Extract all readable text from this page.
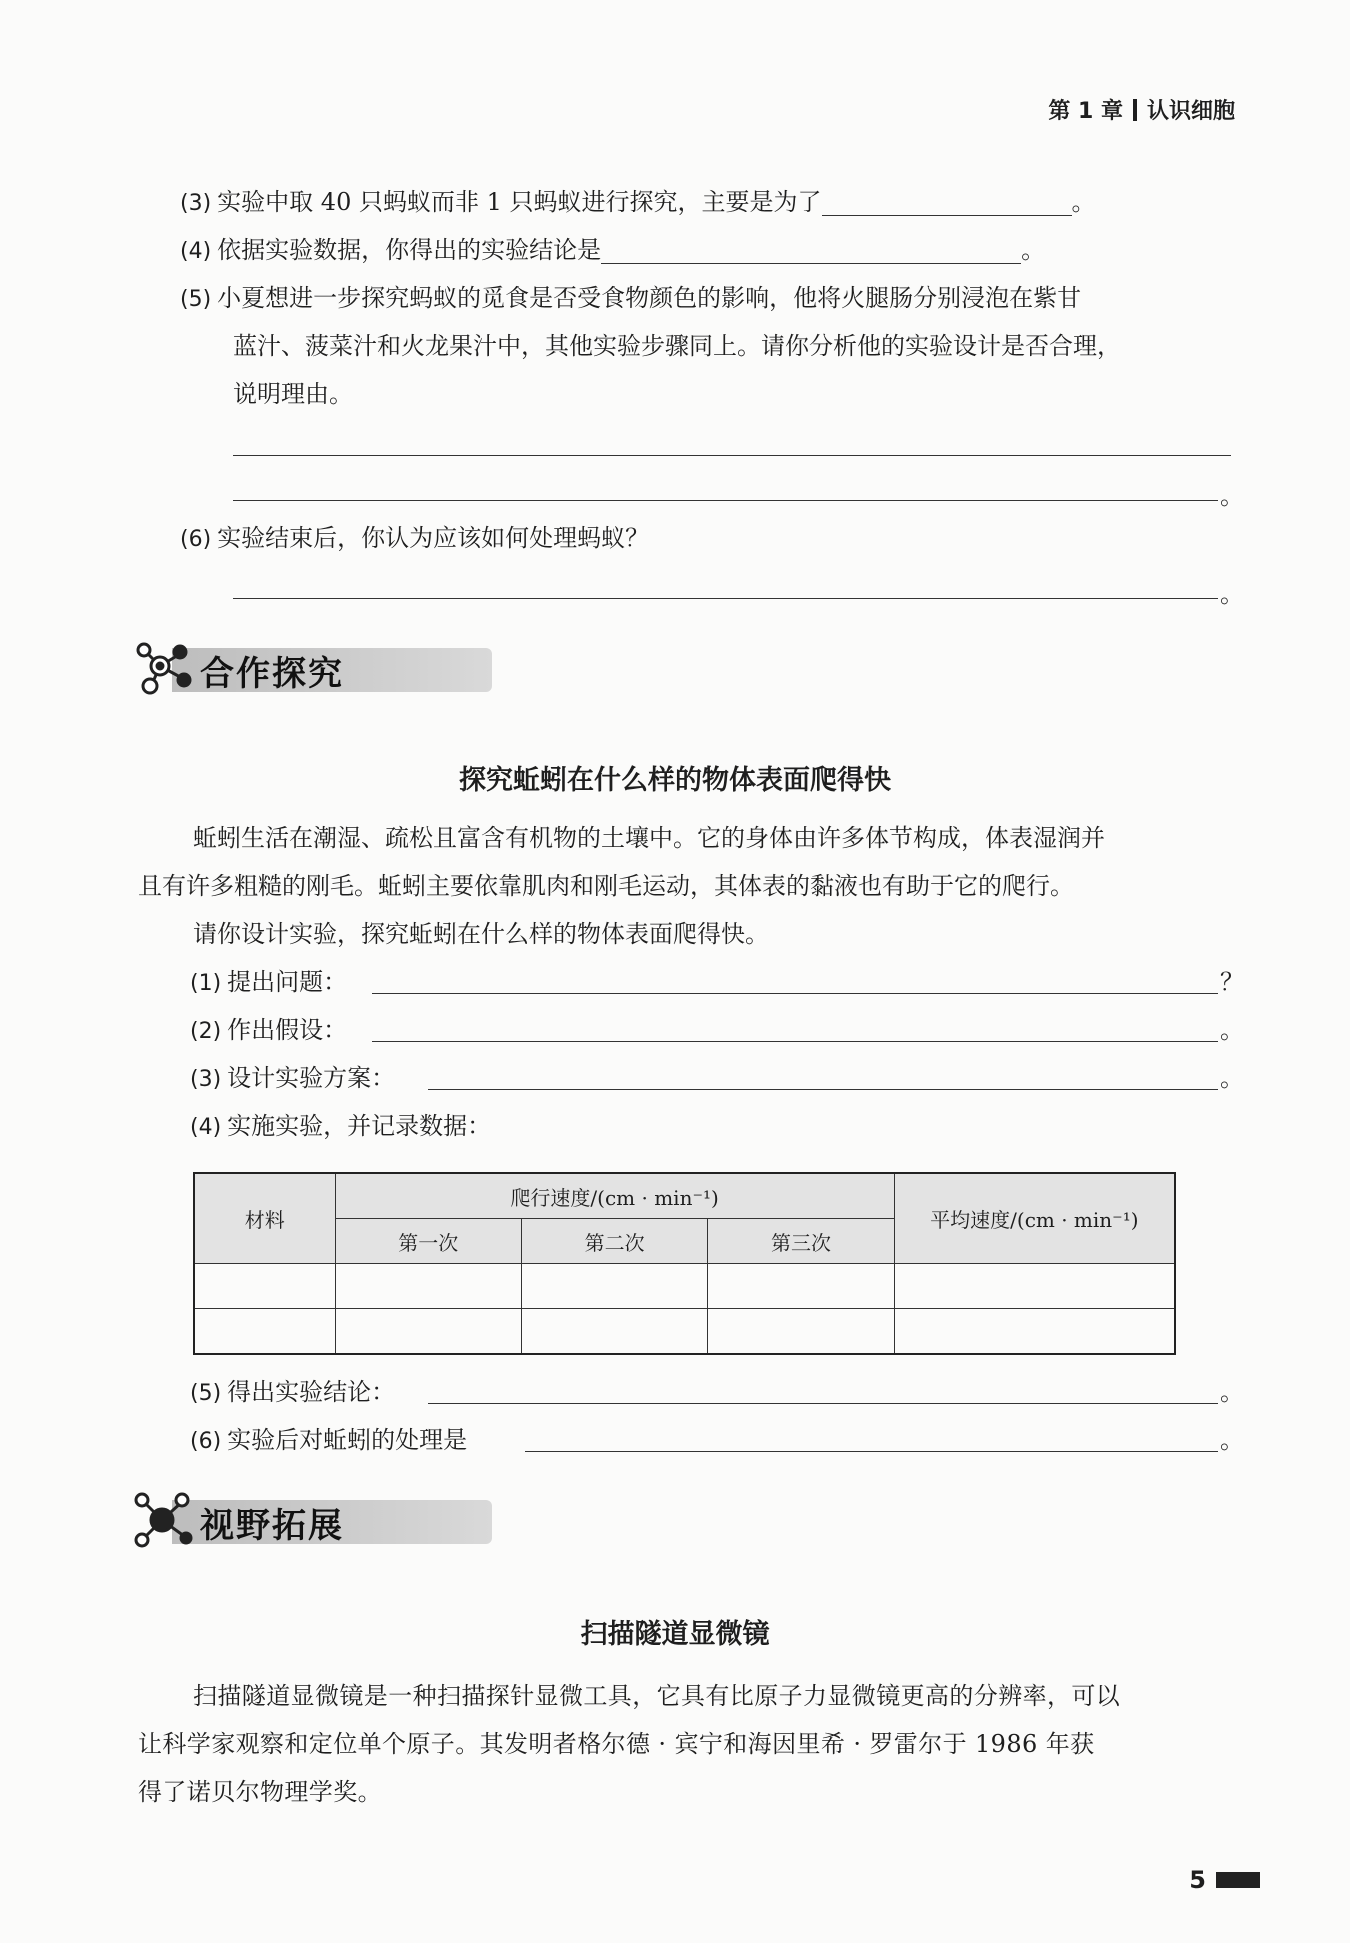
第 1 章 认识细胞
(3) 实验中取 40 只蚂蚁而非 1 只蚂蚁进行探究，主要是为了	。
(4) 依据实验数据，你得出的实验结论是	。
(5) 小夏想进一步探究蚂蚁的觅食是否受食物颜色的影响，他将火腿肠分别浸泡在紫甘
蓝汁、菠菜汁和火龙果汁中，其他实验步骤同上。请你分析他的实验设计是否合理，
说明理由。
。
(6) 实验结束后，你认为应该如何处理蚂蚁？
。
合作探究
探究蚯蚓在什么样的物体表面爬得快
蚯蚓生活在潮湿、疏松且富含有机物的土壤中。它的身体由许多体节构成，体表湿润并
且有许多粗糙的刚毛。蚯蚓主要依靠肌肉和刚毛运动，其体表的黏液也有助于它的爬行。
请你设计实验，探究蚯蚓在什么样的物体表面爬得快。
(1) 提出问题：	？
(2) 作出假设：	。
(3) 设计实验方案：	。
(4) 实施实验，并记录数据：
材料	爬行速度/(cm · min⁻¹)			平均速度/(cm · min⁻¹)
	第一次	第二次	第三次	

(5) 得出实验结论：	。
(6) 实验后对蚯蚓的处理是	。
视野拓展
扫描隧道显微镜
扫描隧道显微镜是一种扫描探针显微工具，它具有比原子力显微镜更高的分辨率，可以
让科学家观察和定位单个原子。其发明者格尔德 · 宾宁和海因里希 · 罗雷尔于 1986 年获
得了诺贝尔物理学奖。
5
